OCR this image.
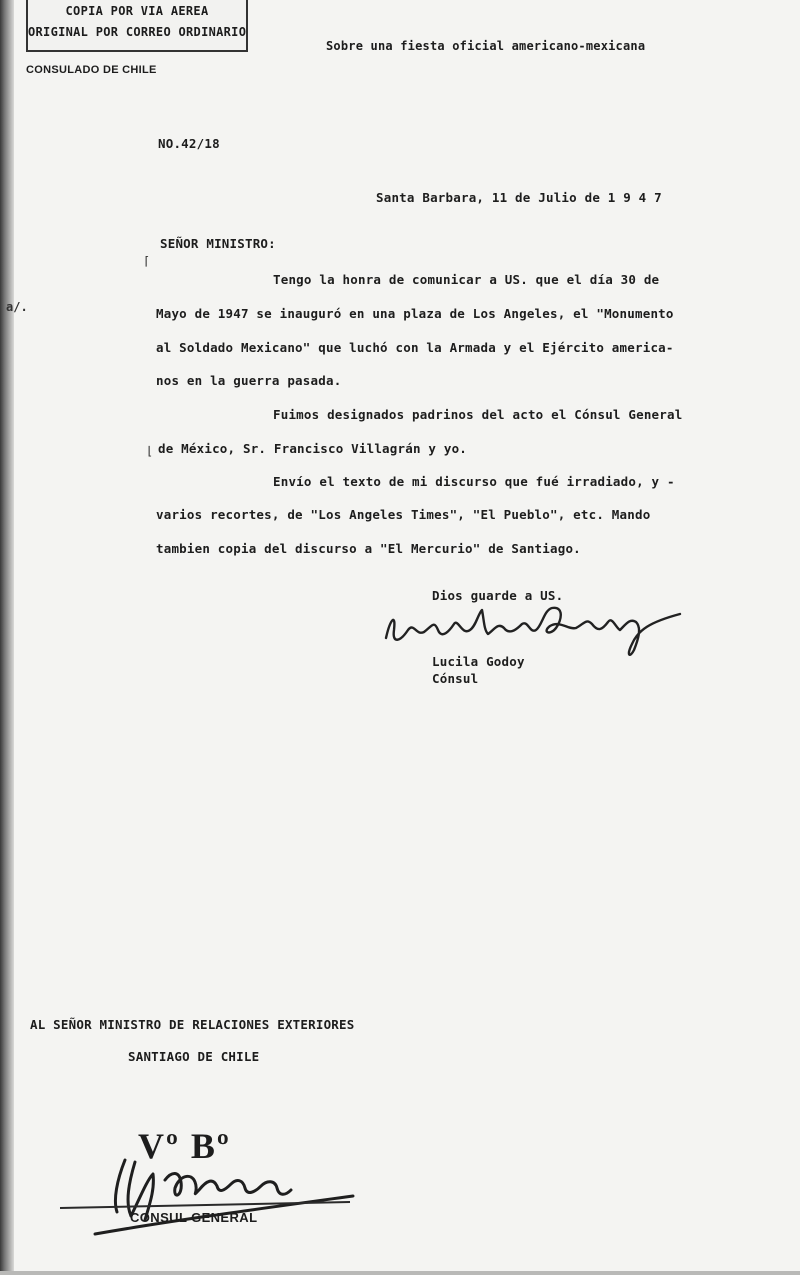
COPIA POR VIA AEREA
ORIGINAL POR CORREO ORDINARIO
CONSULADO DE CHILE
Sobre una fiesta oficial americano-mexicana
NO.42/18
Santa Barbara, 11 de Julio de 1 9 4 7
SEÑOR MINISTRO:
⌈
a/.
Tengo la honra de comunicar a US. que el día 30 de
Mayo de 1947 se inauguró en una plaza de Los Angeles, el "Monumento
al Soldado Mexicano" que luchó con la Armada y el Ejército america-
nos en la guerra pasada.
Fuimos designados padrinos del acto el Cónsul General
de México, Sr. Francisco Villagrán y yo.
⌊
Envío el texto de mi discurso que fué irradiado, y -
varios recortes, de "Los Angeles Times", "El Pueblo", etc. Mando
tambien copia del discurso a "El Mercurio" de Santiago.
Dios guarde a US.
Lucila Godoy
Cónsul
AL SEÑOR MINISTRO DE RELACIONES EXTERIORES
SANTIAGO DE CHILE
Vº Bº
CONSUL GENERAL
